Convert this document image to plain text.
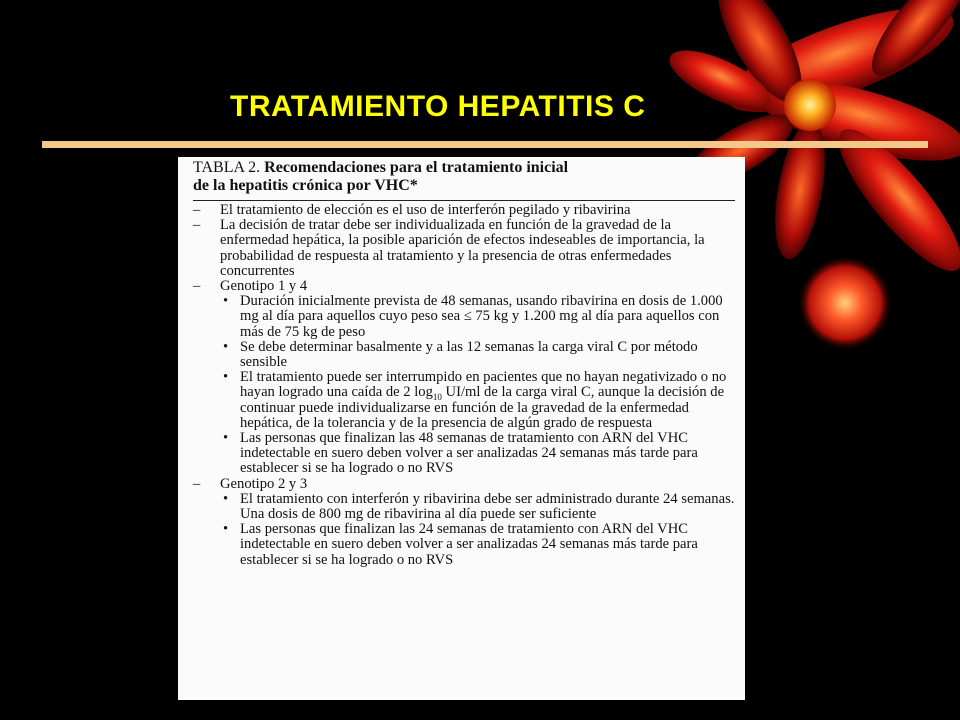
TRATAMIENTO HEPATITIS C
TABLA 2. Recomendaciones para el tratamiento inicial
de la hepatitis crónica por VHC*

– El tratamiento de elección es el uso de interferón pegilado y ribavirina

– La decisión de tratar debe ser individualizada en función de la gravedad de la enfermedad hepática, la posible aparición de efectos indeseables de importancia, la probabilidad de respuesta al tratamiento y la presencia de otras enfermedades concurrentes

– Genotipo 1 y 4

• Duración inicialmente prevista de 48 semanas, usando ribavirina en dosis de 1.000 mg al día para aquellos cuyo peso sea ≤ 75 kg y 1.200 mg al día para aquellos con más de 75 kg de peso

• Se debe determinar basalmente y a las 12 semanas la carga viral C por método sensible

• El tratamiento puede ser interrumpido en pacientes que no hayan negativizado o no hayan logrado una caída de 2 $\log_{10} UI/ml$ de la carga viral C, aunque la decisión de continuar puede individualizarse en función de la gravedad de la enfermedad hepática, de la tolerancia y de la presencia de algún grado de respuesta

• Las personas que finalizan las 48 semanas de tratamiento con ARN del VHC indetectable en suero deben volver a ser analizadas 24 semanas más tarde para establecer si se ha logrado o no RVS

– Genotipo 2 y 3

• El tratamiento con interferón y ribavirina debe ser administrado durante 24 semanas. Una dosis de 800 mg de ribavirina al día puede ser suficiente

• Las personas que finalizan las 24 semanas de tratamiento con ARN del VHC indetectable en suero deben volver a ser analizadas 24 semanas más tarde para establecer si se ha logrado o no RVS
